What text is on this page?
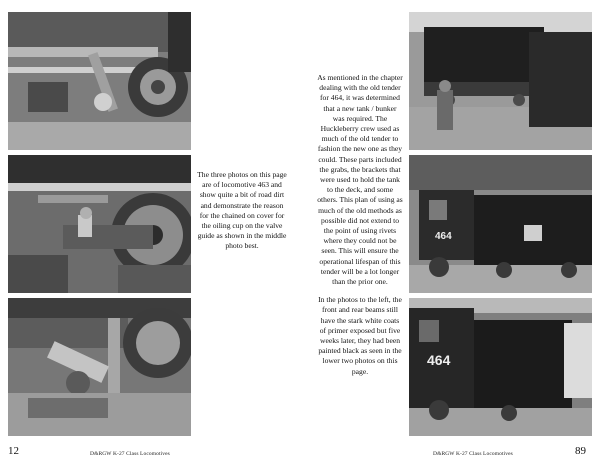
The three photos on this page are of locomotive 463 and show quite a bit of road dirt and demonstrate the reason for the chained on cover for the oiling cup on the valve guide as shown in the middle photo best.

As mentioned in the chapter dealing with the old tender for 464, it was determined that a new tank / bunker was required. The Huckleberry crew used as much of the old tender to fashion the new one as they could. These parts included the grabs, the brackets that were used to hold the tank to the deck, and some others. This plan of using as much of the old methods as possible did not extend to the point of using rivets where they could not be seen. This will ensure the operational lifespan of this tender will be a lot longer than the prior one.

In the photos to the left, the front and rear beams still have the stark white coats of primer exposed but five weeks later, they had been painted black as seen in the lower two photos on this page.

464
464
12	D&RGW K-27 Class Locomotives	D&RGW K-27 Class Locomotives	89
